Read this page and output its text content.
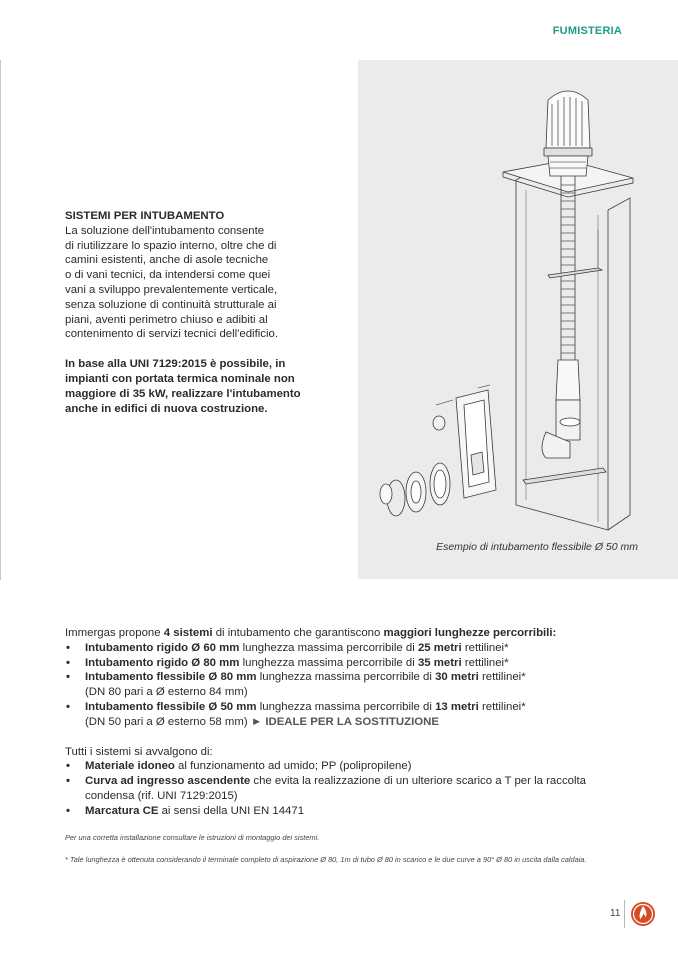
FUMISTERIA
Esempio di intubamento flessibile Ø 50 mm
SISTEMI PER INTUBAMENTO

La soluzione dell'intubamento consente

di riutilizzare lo spazio interno, oltre che di

camini esistenti, anche di asole tecniche

o di vani tecnici, da intendersi come quei

vani a sviluppo prevalentemente verticale,

senza soluzione di continuità strutturale ai

piani, aventi perimetro chiuso e adibiti al

contenimento di servizi tecnici dell'edificio.

In base alla UNI 7129:2015 è possibile, in

impianti con portata termica nominale non

maggiore di 35 kW, realizzare l'intubamento

anche in edifici di nuova costruzione.

Immergas propone 4 sistemi di intubamento che garantiscono maggiori lunghezze percorribili:

• Intubamento rigido Ø 60 mm lunghezza massima percorribile di 25 metri rettilinei*
• Intubamento rigido Ø 80 mm lunghezza massima percorribile di 35 metri rettilinei*
• Intubamento flessibile Ø 80 mm lunghezza massima percorribile di 30 metri rettilinei*
(DN 80 pari a Ø esterno 84 mm)
• Intubamento flessibile Ø 50 mm lunghezza massima percorribile di 13 metri rettilinei*
(DN 50 pari a Ø esterno 58 mm) ► IDEALE PER LA SOSTITUZIONE

Tutti i sistemi si avvalgono di:

• Materiale idoneo al funzionamento ad umido; PP (polipropilene)
• Curva ad ingresso ascendente che evita la realizzazione di un ulteriore scarico a T per la raccolta
condensa (rif. UNI 7129:2015)
• Marcatura CE ai sensi della UNI EN 14471

Per una corretta installazione consultare le istruzioni di montaggio dei sistemi.

* Tale lunghezza è ottenuta considerando il terminale completo di aspirazione Ø 80, 1m di tubo Ø 80 in scarico e le due curve a 90° Ø 80 in uscita dalla caldaia.

11
